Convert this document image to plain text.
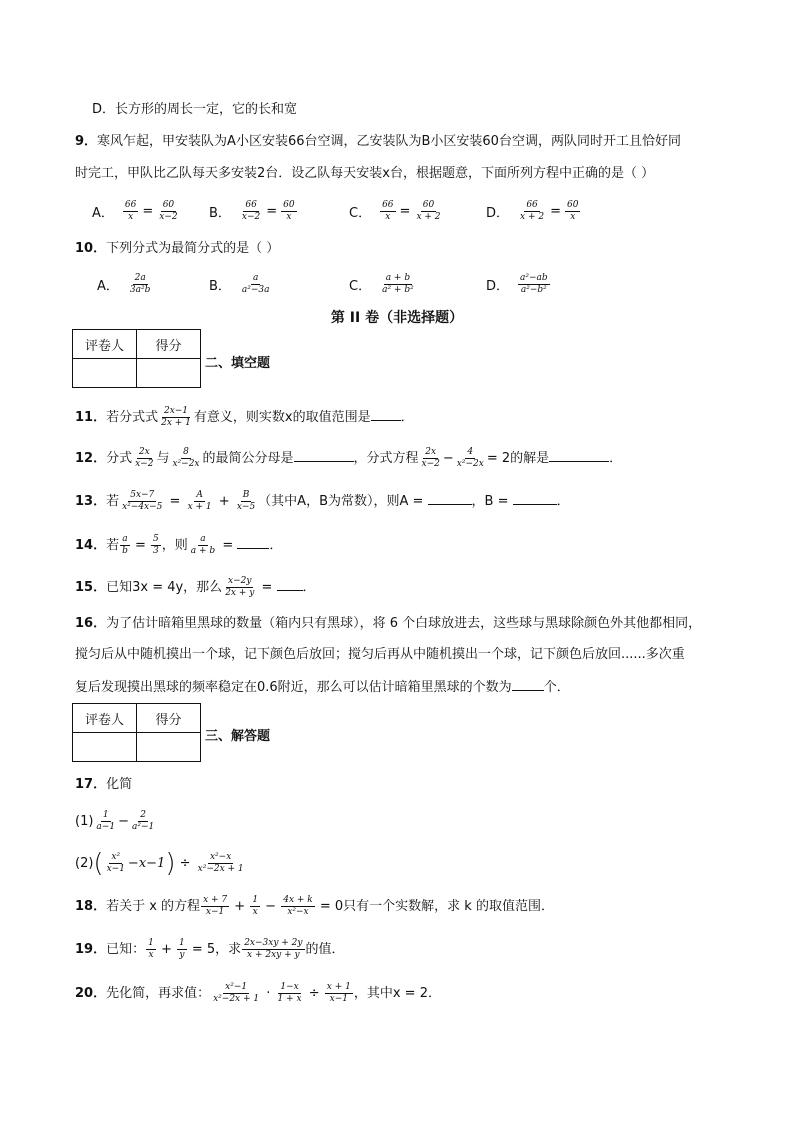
D．长方形的周长一定，它的长和宽
9．寒风乍起，甲安装队为A小区安装66台空调，乙安装队为B小区安装60台空调，两队同时开工且恰好同
时完工，甲队比乙队每天多安装2台．设乙队每天安装x台，根据题意，下面所列方程中正确的是（ ）
A． $\frac{66}{x} = \frac{60}{x-2}$ B． $\frac{66}{x-2} = \frac{60}{x}$	C． $\frac{66}{x} = \frac{60}{x + 2}$	D． $\frac{66}{x + 2} = \frac{60}{x}$
10．下列分式为最简分式的是（ ）
A． $\frac{2a}{\text{3a²b}}$	B． $\frac{a}{\text{a²−3a}}$	C． $\frac{a + b}{\text{a² + b²}}$	D． $\frac{\text{a²−ab}}{\text{a²−b²}}$
第 II 卷（非选择题）
评卷人	得分

二、填空题
11．若分式式 $\frac{2x-1}{2x + 1}$ 有意义，则实数x的取值范围是 ．
12．分式 $\frac{2x}{x-2}$ 与 $\frac{8}{\text{x²−2x}}$ 的最简公分母是	，分式方程 $\frac{2x}{x-2} - \frac{4}{\text{x²−2x}} = 2$的解是	．
13．若 $\frac{5x-7}{\text{x²−4x−5}} = \frac{A}{x + 1} + \frac{B}{x-5}$ （其中A，B为常数），则A =	，B =	．
14．若 $\frac{a}{b} = \frac{5}{3}$ ，则 $\frac{a}{a + b}$ = ．
15．已知3x = 4y，那么 $\frac{x-2y}{2x + y}$ = ．
16．为了估计暗箱里黑球的数量（箱内只有黑球），将 6 个白球放进去，这些球与黑球除颜色外其他都相同，
搅匀后从中随机摸出一个球，记下颜色后放回；搅匀后再从中随机摸出一个球，记下颜色后放回......多次重
复后发现摸出黑球的频率稳定在0.6附近，那么可以估计暗箱里黑球的个数为 个．
评卷人	得分

三、解答题
17．化简
$(1) \frac{1}{a-1} - \frac{2}{\text{a²−1}}$
$(2)( \frac{\text{x²}}{x-1} -x-1) \div \frac{\text{x²−x}}{\text{x²−2x + 1}}$
18．若关于 x 的方程 $\frac{x + 7}{x-1} + \frac{1}{x} - \frac{4x + k}{\text{x²−x}} = 0$只有一个实数解，求 k 的取值范围．
19．已知： $\frac{1}{x} + \frac{1}{y} = 5$，求 $\frac{2x-3xy + 2y}{x + 2xy + y}$ 的值．
20．先化简，再求值： $\frac{\text{x²−1}}{\text{x²−2x + 1}} \cdot \frac{1-x}{1 + x} \div \frac{x + 1}{x-1}$ ，其中x = 2．
